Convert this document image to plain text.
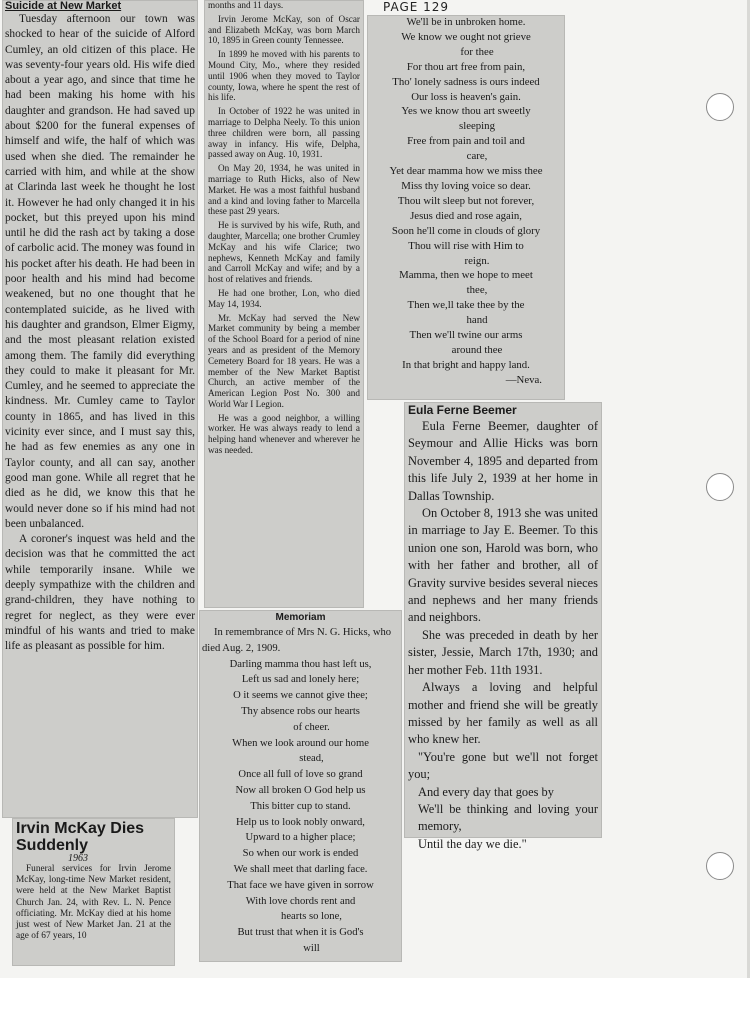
PAGE 129

Suicide at New Market

Tuesday afternoon our town was shocked to hear of the suicide of Alford Cumley, an old citizen of this place. He was seventy-four years old. His wife died about a year ago, and since that time he had been making his home with his daughter and grandson. He had saved up about $200 for the funeral expenses of himself and wife, the half of which was used when she died. The remainder he carried with him, and while at the show at Clarinda last week he thought he lost it. However he had only changed it in his pocket, but this preyed upon his mind until he did the rash act by taking a dose of carbolic acid. The money was found in his pocket after his death. He had been in poor health and his mind had become weakened, but no one thought that he contemplated suicide, as he lived with his daughter and grandson, Elmer Eigmy, and the most pleasant relation existed among them. The family did everything they could to make it pleasant for Mr. Cumley, and he seemed to appreciate the kindness. Mr. Cumley came to Taylor county in 1865, and has lived in this vicinity ever since, and I must say this, he had as few enemies as any one in Taylor county, and all can say, another good man gone. While all regret that he died as he did, we know this that he would never done so if his mind had not been unbalanced.

A coroner's inquest was held and the decision was that he committed the act while temporarily insane. While we deeply sympathize with the children and grand-children, they have nothing to regret for neglect, as they were ever mindful of his wants and tried to make life as pleasant as possible for him.

Irvin McKay Dies Suddenly

1963

Funeral services for Irvin Jerome McKay, long-time New Market resident, were held at the New Market Baptist Church Jan. 24, with Rev. L. N. Pence officiating. Mr. McKay died at his home just west of New Market Jan. 21 at the age of 67 years, 10

months and 11 days.

Irvin Jerome McKay, son of Oscar and Elizabeth McKay, was born March 10, 1895 in Green county Tennessee.

In 1899 he moved with his parents to Mound City, Mo., where they resided until 1906 when they moved to Taylor county, Iowa, where he spent the rest of his life.

In October of 1922 he was united in marriage to Delpha Neely. To this union three children were born, all passing away in infancy. His wife, Delpha, passed away on Aug. 10, 1931.

On May 20, 1934, he was united in marriage to Ruth Hicks, also of New Market. He was a most faithful husband and a kind and loving father to Marcella these past 29 years.

He is survived by his wife, Ruth, and daughter, Marcella; one brother Crumley McKay and his wife Clarice; two nephews, Kenneth McKay and family and Carroll McKay and wife; and by a host of relatives and friends.

He had one brother, Lon, who died May 14, 1934.

Mr. McKay had served the New Market community by being a member of the School Board for a period of nine years and as president of the Memory Cemetery Board for 18 years. He was a member of the New Market Baptist Church, an active member of the American Legion Post No. 300 and World War I Legion.

He was a good neighbor, a willing worker. He was always ready to lend a helping hand whenever and wherever he was needed.

We'll be in unbroken home.

We know we ought not grieve

for thee

For thou art free from pain,

Tho' lonely sadness is ours indeed

Our loss is heaven's gain.

Yes we know thou art sweetly

sleeping

Free from pain and toil and

care,

Yet dear mamma how we miss thee

Miss thy loving voice so dear.

Thou wilt sleep but not forever,

Jesus died and rose again,

Soon he'll come in clouds of glory

Thou will rise with Him to

reign.

Mamma, then we hope to meet

thee,

Then we,ll take thee by the

hand

Then we'll twine our arms

around thee

In that bright and happy land.

—Neva.

Memoriam

In remembrance of Mrs N. G. Hicks, who died Aug. 2, 1909.

Darling mamma thou hast left us,

Left us sad and lonely here;

O it seems we cannot give thee;

Thy absence robs our hearts

of cheer.

When we look around our home

stead,

Once all full of love so grand

Now all broken O God help us

This bitter cup to stand.

Help us to look nobly onward,

Upward to a higher place;

So when our work is ended

We shall meet that darling face.

That face we have given in sorrow

With love chords rent and

hearts so lone,

But trust that when it is God's

will

Eula Ferne Beemer

Eula Ferne Beemer, daughter of Seymour and Allie Hicks was born November 4, 1895 and departed from this life July 2, 1939 at her home in Dallas Township.

On October 8, 1913 she was united in marriage to Jay E. Beemer. To this union one son, Harold was born, who with her father and brother, all of Gravity survive besides several nieces and nephews and her many friends and neighbors.

She was preceded in death by her sister, Jessie, March 17th, 1930; and her mother Feb. 11th 1931.

Always a loving and helpful mother and friend she will be greatly missed by her family as well as all who knew her.

"You're gone but we'll not forget you;

And every day that goes by

We'll be thinking and loving your memory,

Until the day we die."
